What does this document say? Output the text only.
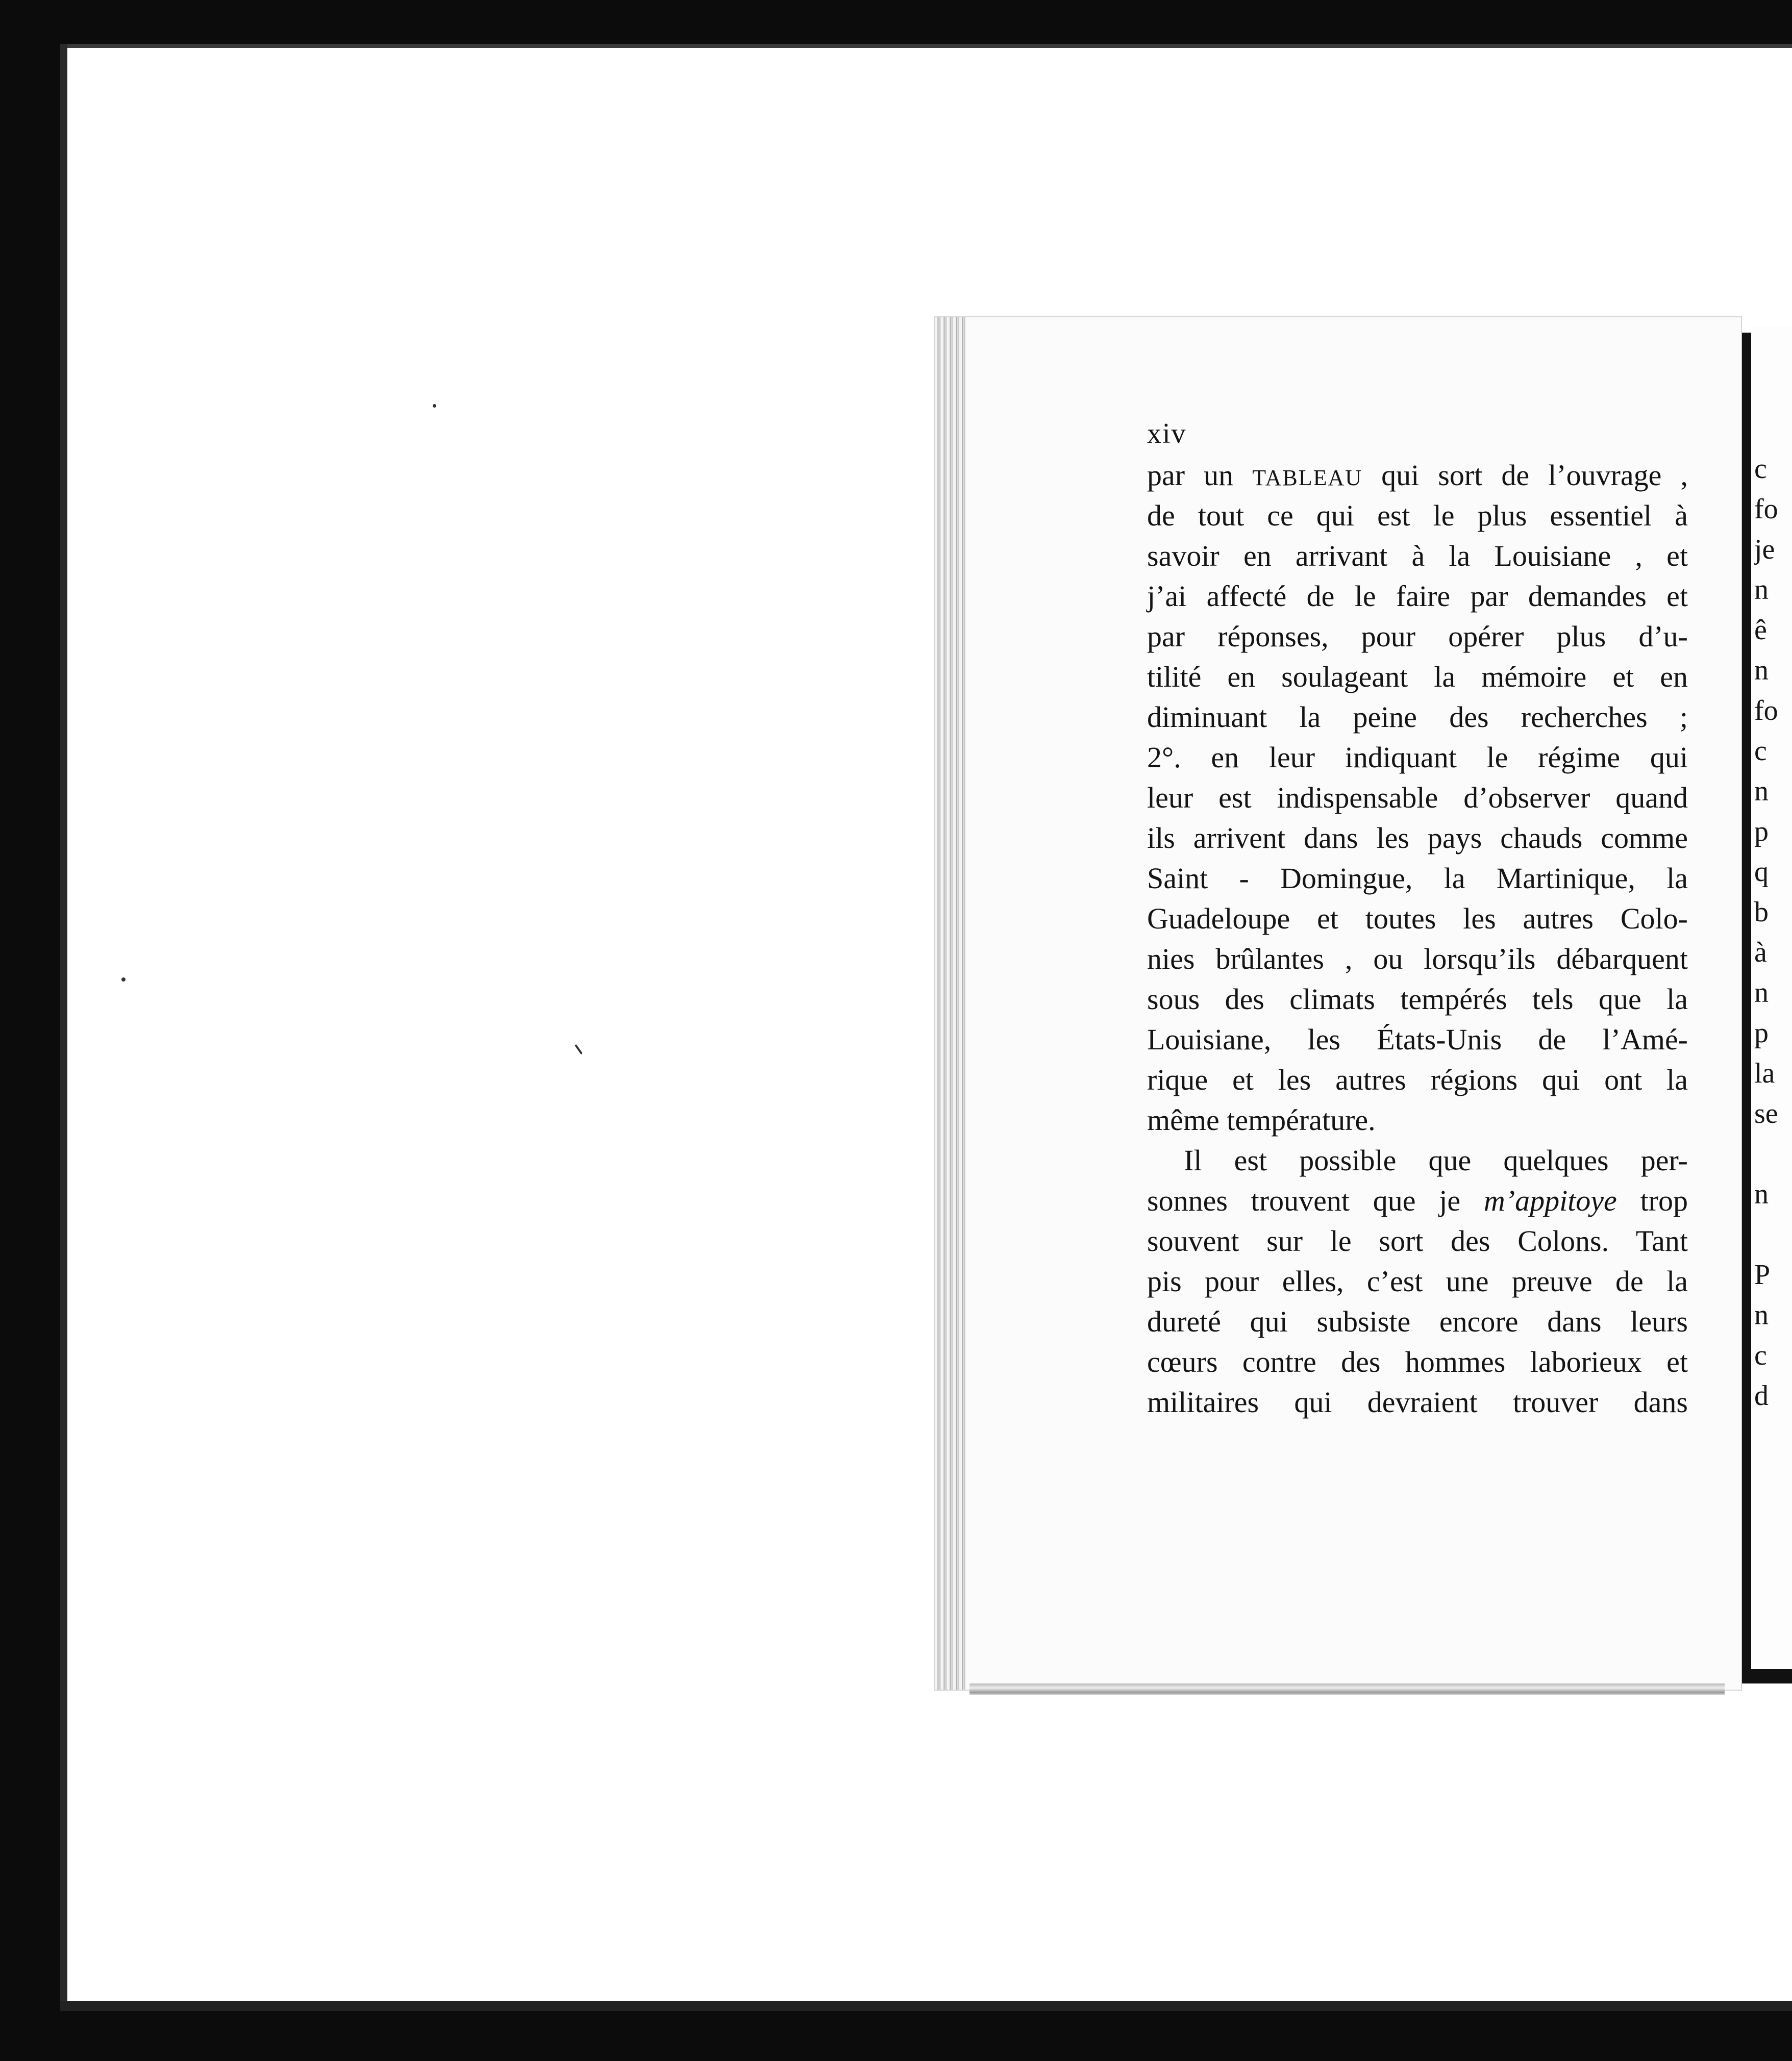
xiv
par un TABLEAU qui sort de l’ouvrage ,
de tout ce qui est le plus essentiel à
savoir en arrivant à la Louisiane , et
j’ai affecté de le faire par demandes et
par réponses, pour opérer plus d’u-
tilité en soulageant la mémoire et en
diminuant la peine des recherches ;
2°. en leur indiquant le régime qui
leur est indispensable d’observer quand
ils arrivent dans les pays chauds comme
Saint - Domingue, la Martinique, la
Guadeloupe et toutes les autres Colo-
nies brûlantes , ou lorsqu’ils débarquent
sous des climats tempérés tels que la
Louisiane, les États-Unis de l’Amé-
rique et les autres régions qui ont la
même température.
Il est possible que quelques per-
sonnes trouvent que je m’appitoye trop
souvent sur le sort des Colons. Tant
pis pour elles, c’est une preuve de la
dureté qui subsiste encore dans leurs
cœurs contre des hommes laborieux et
militaires qui devraient trouver dans
c
fo
je
n
ê
n
fo
c
n
p
q
b
à
n
p
la
se
n
P
n
c
d
